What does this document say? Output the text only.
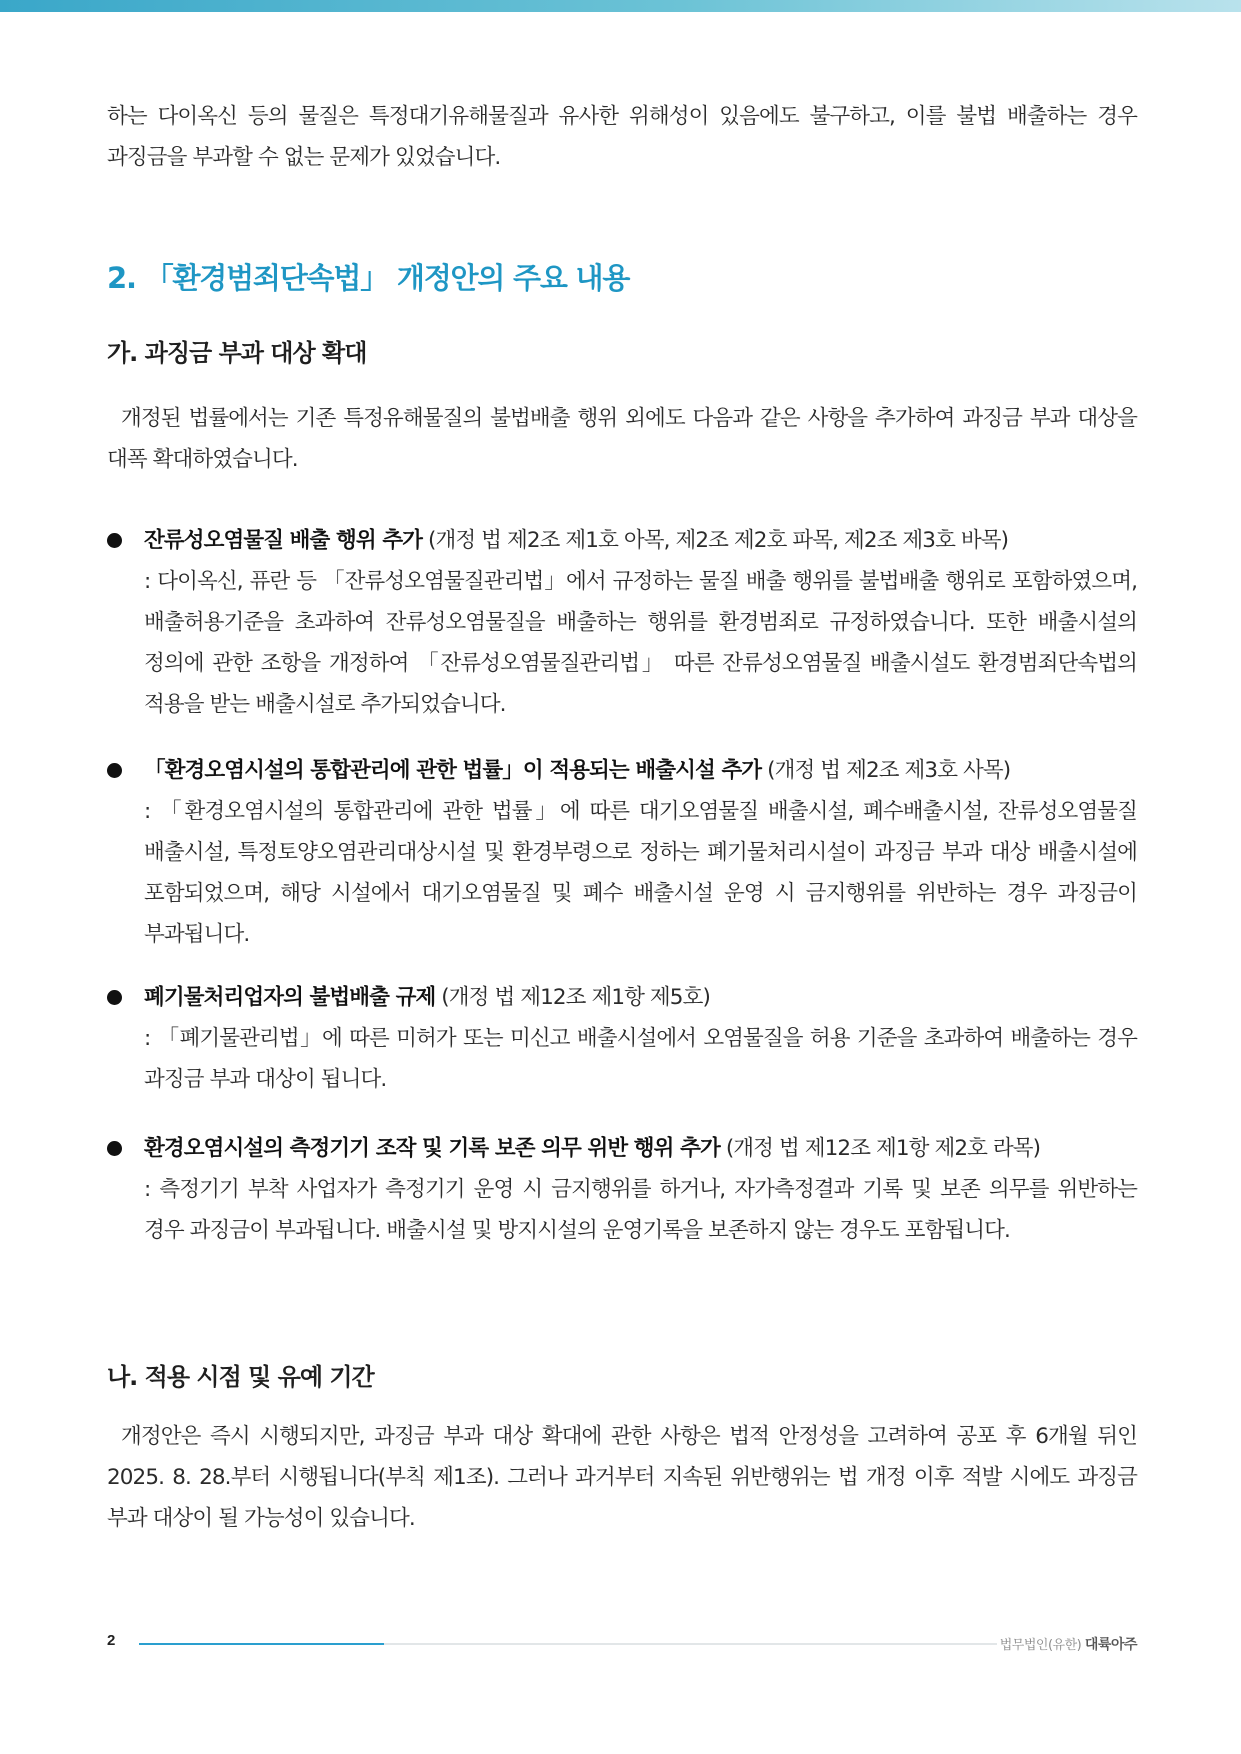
하는 다이옥신 등의 물질은 특정대기유해물질과 유사한 위해성이 있음에도 불구하고, 이를 불법 배출하는 경우 과징금을 부과할 수 없는 문제가 있었습니다.

2. 「환경범죄단속법」 개정안의 주요 내용
가. 과징금 부과 대상 확대

개정된 법률에서는 기존 특정유해물질의 불법배출 행위 외에도 다음과 같은 사항을 추가하여 과징금 부과 대상을 대폭 확대하였습니다.

잔류성오염물질 배출 행위 추가 (개정 법 제2조 제1호 아목, 제2조 제2호 파목, 제2조 제3호 바목)

: 다이옥신, 퓨란 등 「잔류성오염물질관리법」에서 규정하는 물질 배출 행위를 불법배출 행위로 포함하였으며, 배출허용기준을 초과하여 잔류성오염물질을 배출하는 행위를 환경범죄로 규정하였습니다. 또한 배출시설의 정의에 관한 조항을 개정하여 「잔류성오염물질관리법」 따른 잔류성오염물질 배출시설도 환경범죄단속법의 적용을 받는 배출시설로 추가되었습니다.

「환경오염시설의 통합관리에 관한 법률」이 적용되는 배출시설 추가 (개정 법 제2조 제3호 사목)

: 「환경오염시설의 통합관리에 관한 법률」에 따른 대기오염물질 배출시설, 폐수배출시설, 잔류성오염물질 배출시설, 특정토양오염관리대상시설 및 환경부령으로 정하는 폐기물처리시설이 과징금 부과 대상 배출시설에 포함되었으며, 해당 시설에서 대기오염물질 및 폐수 배출시설 운영 시 금지행위를 위반하는 경우 과징금이 부과됩니다.

폐기물처리업자의 불법배출 규제 (개정 법 제12조 제1항 제5호)

: 「폐기물관리법」에 따른 미허가 또는 미신고 배출시설에서 오염물질을 허용 기준을 초과하여 배출하는 경우 과징금 부과 대상이 됩니다.

환경오염시설의 측정기기 조작 및 기록 보존 의무 위반 행위 추가 (개정 법 제12조 제1항 제2호 라목)

: 측정기기 부착 사업자가 측정기기 운영 시 금지행위를 하거나, 자가측정결과 기록 및 보존 의무를 위반하는 경우 과징금이 부과됩니다. 배출시설 및 방지시설의 운영기록을 보존하지 않는 경우도 포함됩니다.

나. 적용 시점 및 유예 기간

개정안은 즉시 시행되지만, 과징금 부과 대상 확대에 관한 사항은 법적 안정성을 고려하여 공포 후 6개월 뒤인 2025. 8. 28.부터 시행됩니다(부칙 제1조). 그러나 과거부터 지속된 위반행위는 법 개정 이후 적발 시에도 과징금 부과 대상이 될 가능성이 있습니다.

2	법무법인(유한) 대륙아주
